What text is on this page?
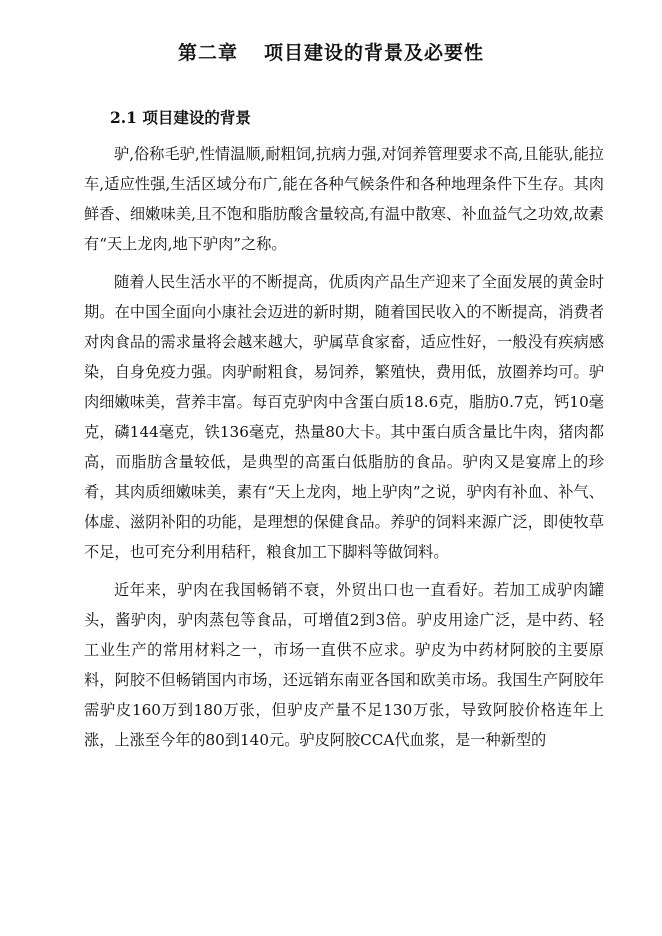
第二章 项目建设的背景及必要性
2.1 项目建设的背景

驴,俗称毛驴,性情温顺,耐粗饲,抗病力强,对饲养管理要求不高,且能驮,能拉车,适应性强,生活区域分布广,能在各种气候条件和各种地理条件下生存。其肉鲜香、细嫩味美,且不饱和脂肪酸含量较高,有温中散寒、补血益气之功效,故素有“天上龙肉,地下驴肉”之称。

随着人民生活水平的不断提高，优质肉产品生产迎来了全面发展的黄金时期。在中国全面向小康社会迈进的新时期，随着国民收入的不断提高，消费者对肉食品的需求量将会越来越大，驴属草食家畜，适应性好，一般没有疾病感染，自身免疫力强。肉驴耐粗食，易饲养，繁殖快，费用低，放圈养均可。驴肉细嫩味美，营养丰富。每百克驴肉中含蛋白质18.6克，脂肪0.7克，钙10毫克，磷144毫克，铁136毫克，热量80大卡。其中蛋白质含量比牛肉，猪肉都高，而脂肪含量较低，是典型的高蛋白低脂肪的食品。驴肉又是宴席上的珍肴，其肉质细嫩味美，素有“天上龙肉，地上驴肉”之说，驴肉有补血、补气、体虚、滋阴补阳的功能，是理想的保健食品。养驴的饲料来源广泛，即使牧草不足，也可充分利用秸秆，粮食加工下脚料等做饲料。

近年来，驴肉在我国畅销不衰，外贸出口也一直看好。若加工成驴肉罐头，酱驴肉，驴肉蒸包等食品，可增值2到3倍。驴皮用途广泛，是中药、轻工业生产的常用材料之一，市场一直供不应求。驴皮为中药材阿胶的主要原料，阿胶不但畅销国内市场，还远销东南亚各国和欧美市场。我国生产阿胶年需驴皮160万到180万张，但驴皮产量不足130万张，导致阿胶价格连年上涨，上涨至今年的80到140元。驴皮阿胶CCA代血浆，是一种新型的
